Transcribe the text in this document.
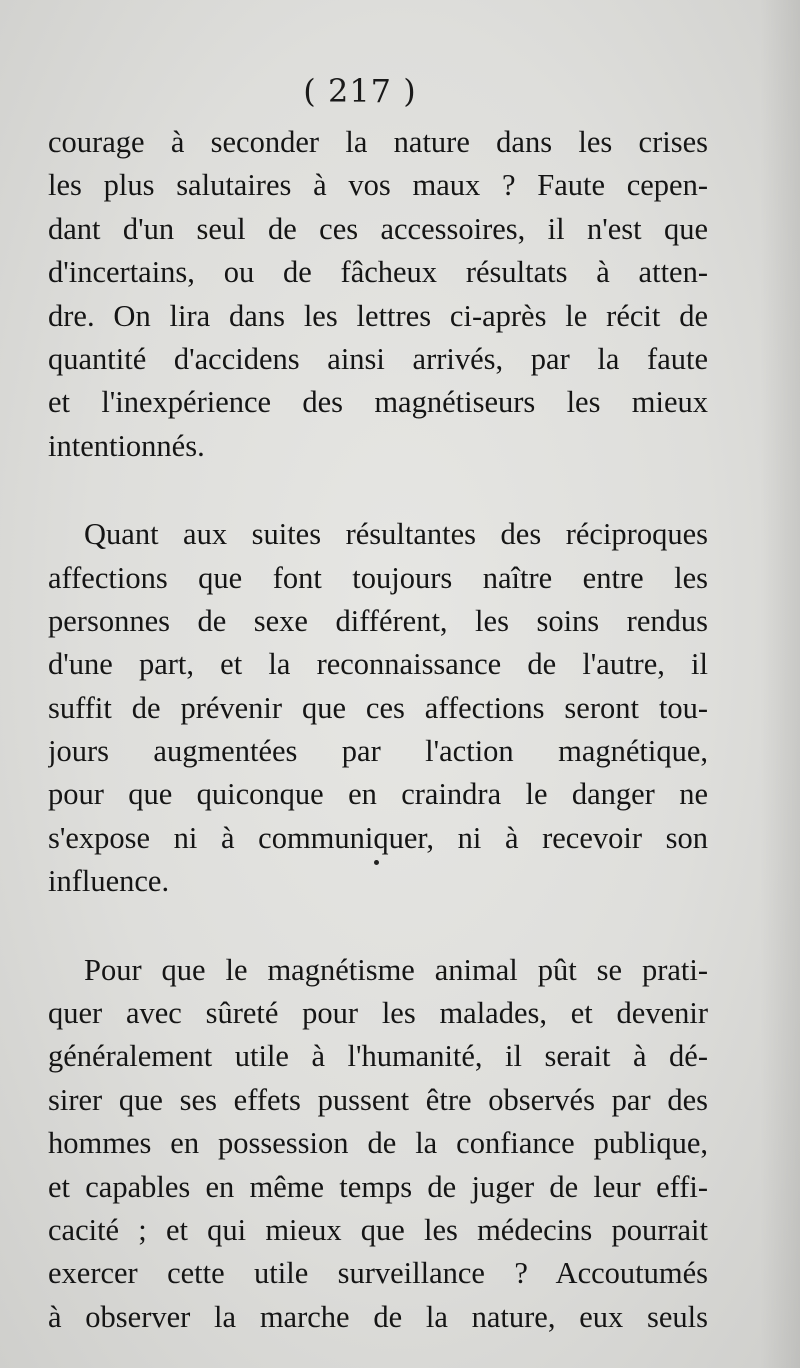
( 217 )
courage à seconder la nature dans les crises
les plus salutaires à vos maux ? Faute cepen-
dant d'un seul de ces accessoires, il n'est que
d'incertains, ou de fâcheux résultats à atten-
dre. On lira dans les lettres ci-après le récit de
quantité d'accidens ainsi arrivés, par la faute
et l'inexpérience des magnétiseurs les mieux
intentionnés.
Quant aux suites résultantes des réciproques
affections que font toujours naître entre les
personnes de sexe différent, les soins rendus
d'une part, et la reconnaissance de l'autre, il
suffit de prévenir que ces affections seront tou-
jours augmentées par l'action magnétique,
pour que quiconque en craindra le danger ne
s'expose ni à communiquer, ni à recevoir son
influence.
Pour que le magnétisme animal pût se prati-
quer avec sûreté pour les malades, et devenir
généralement utile à l'humanité, il serait à dé-
sirer que ses effets pussent être observés par des
hommes en possession de la confiance publique,
et capables en même temps de juger de leur effi-
cacité ; et qui mieux que les médecins pourrait
exercer cette utile surveillance ? Accoutumés
à observer la marche de la nature, eux seuls
